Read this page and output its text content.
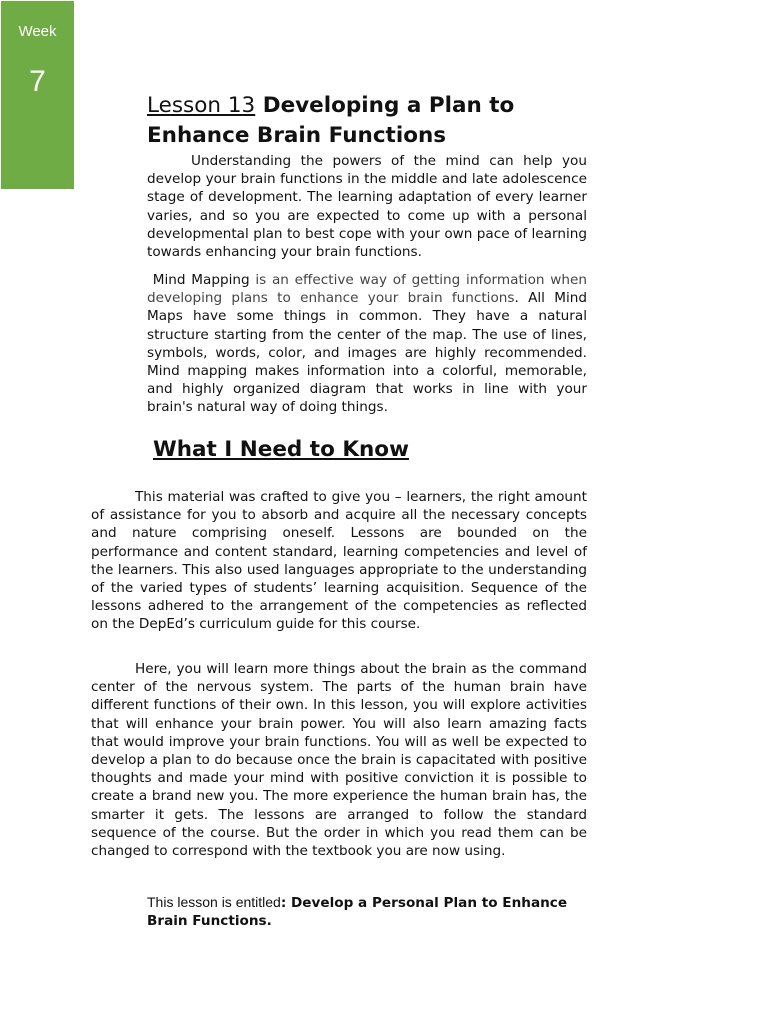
Week
7
Lesson 13 Developing a Plan to Enhance Brain Functions

Understanding the powers of the mind can help you develop your brain functions in the middle and late adolescence stage of development. The learning adaptation of every learner varies, and so you are expected to come up with a personal developmental plan to best cope with your own pace of learning towards enhancing your brain functions.

Mind Mapping is an effective way of getting information when developing plans to enhance your brain functions. All Mind Maps have some things in common. They have a natural structure starting from the center of the map. The use of lines, symbols, words, color, and images are highly recommended. Mind mapping makes information into a colorful, memorable, and highly organized diagram that works in line with your brain's natural way of doing things.

What I Need to Know

This material was crafted to give you – learners, the right amount of assistance for you to absorb and acquire all the necessary concepts and nature comprising oneself. Lessons are bounded on the performance and content standard, learning competencies and level of the learners. This also used languages appropriate to the understanding of the varied types of students’ learning acquisition. Sequence of the lessons adhered to the arrangement of the competencies as reflected on the DepEd’s curriculum guide for this course.

Here, you will learn more things about the brain as the command center of the nervous system. The parts of the human brain have different functions of their own. In this lesson, you will explore activities that will enhance your brain power. You will also learn amazing facts that would improve your brain functions. You will as well be expected to develop a plan to do because once the brain is capacitated with positive thoughts and made your mind with positive conviction it is possible to create a brand new you. The more experience the human brain has, the smarter it gets. The lessons are arranged to follow the standard sequence of the course. But the order in which you read them can be changed to correspond with the textbook you are now using.

This lesson is entitled: Develop a Personal Plan to Enhance Brain Functions.
